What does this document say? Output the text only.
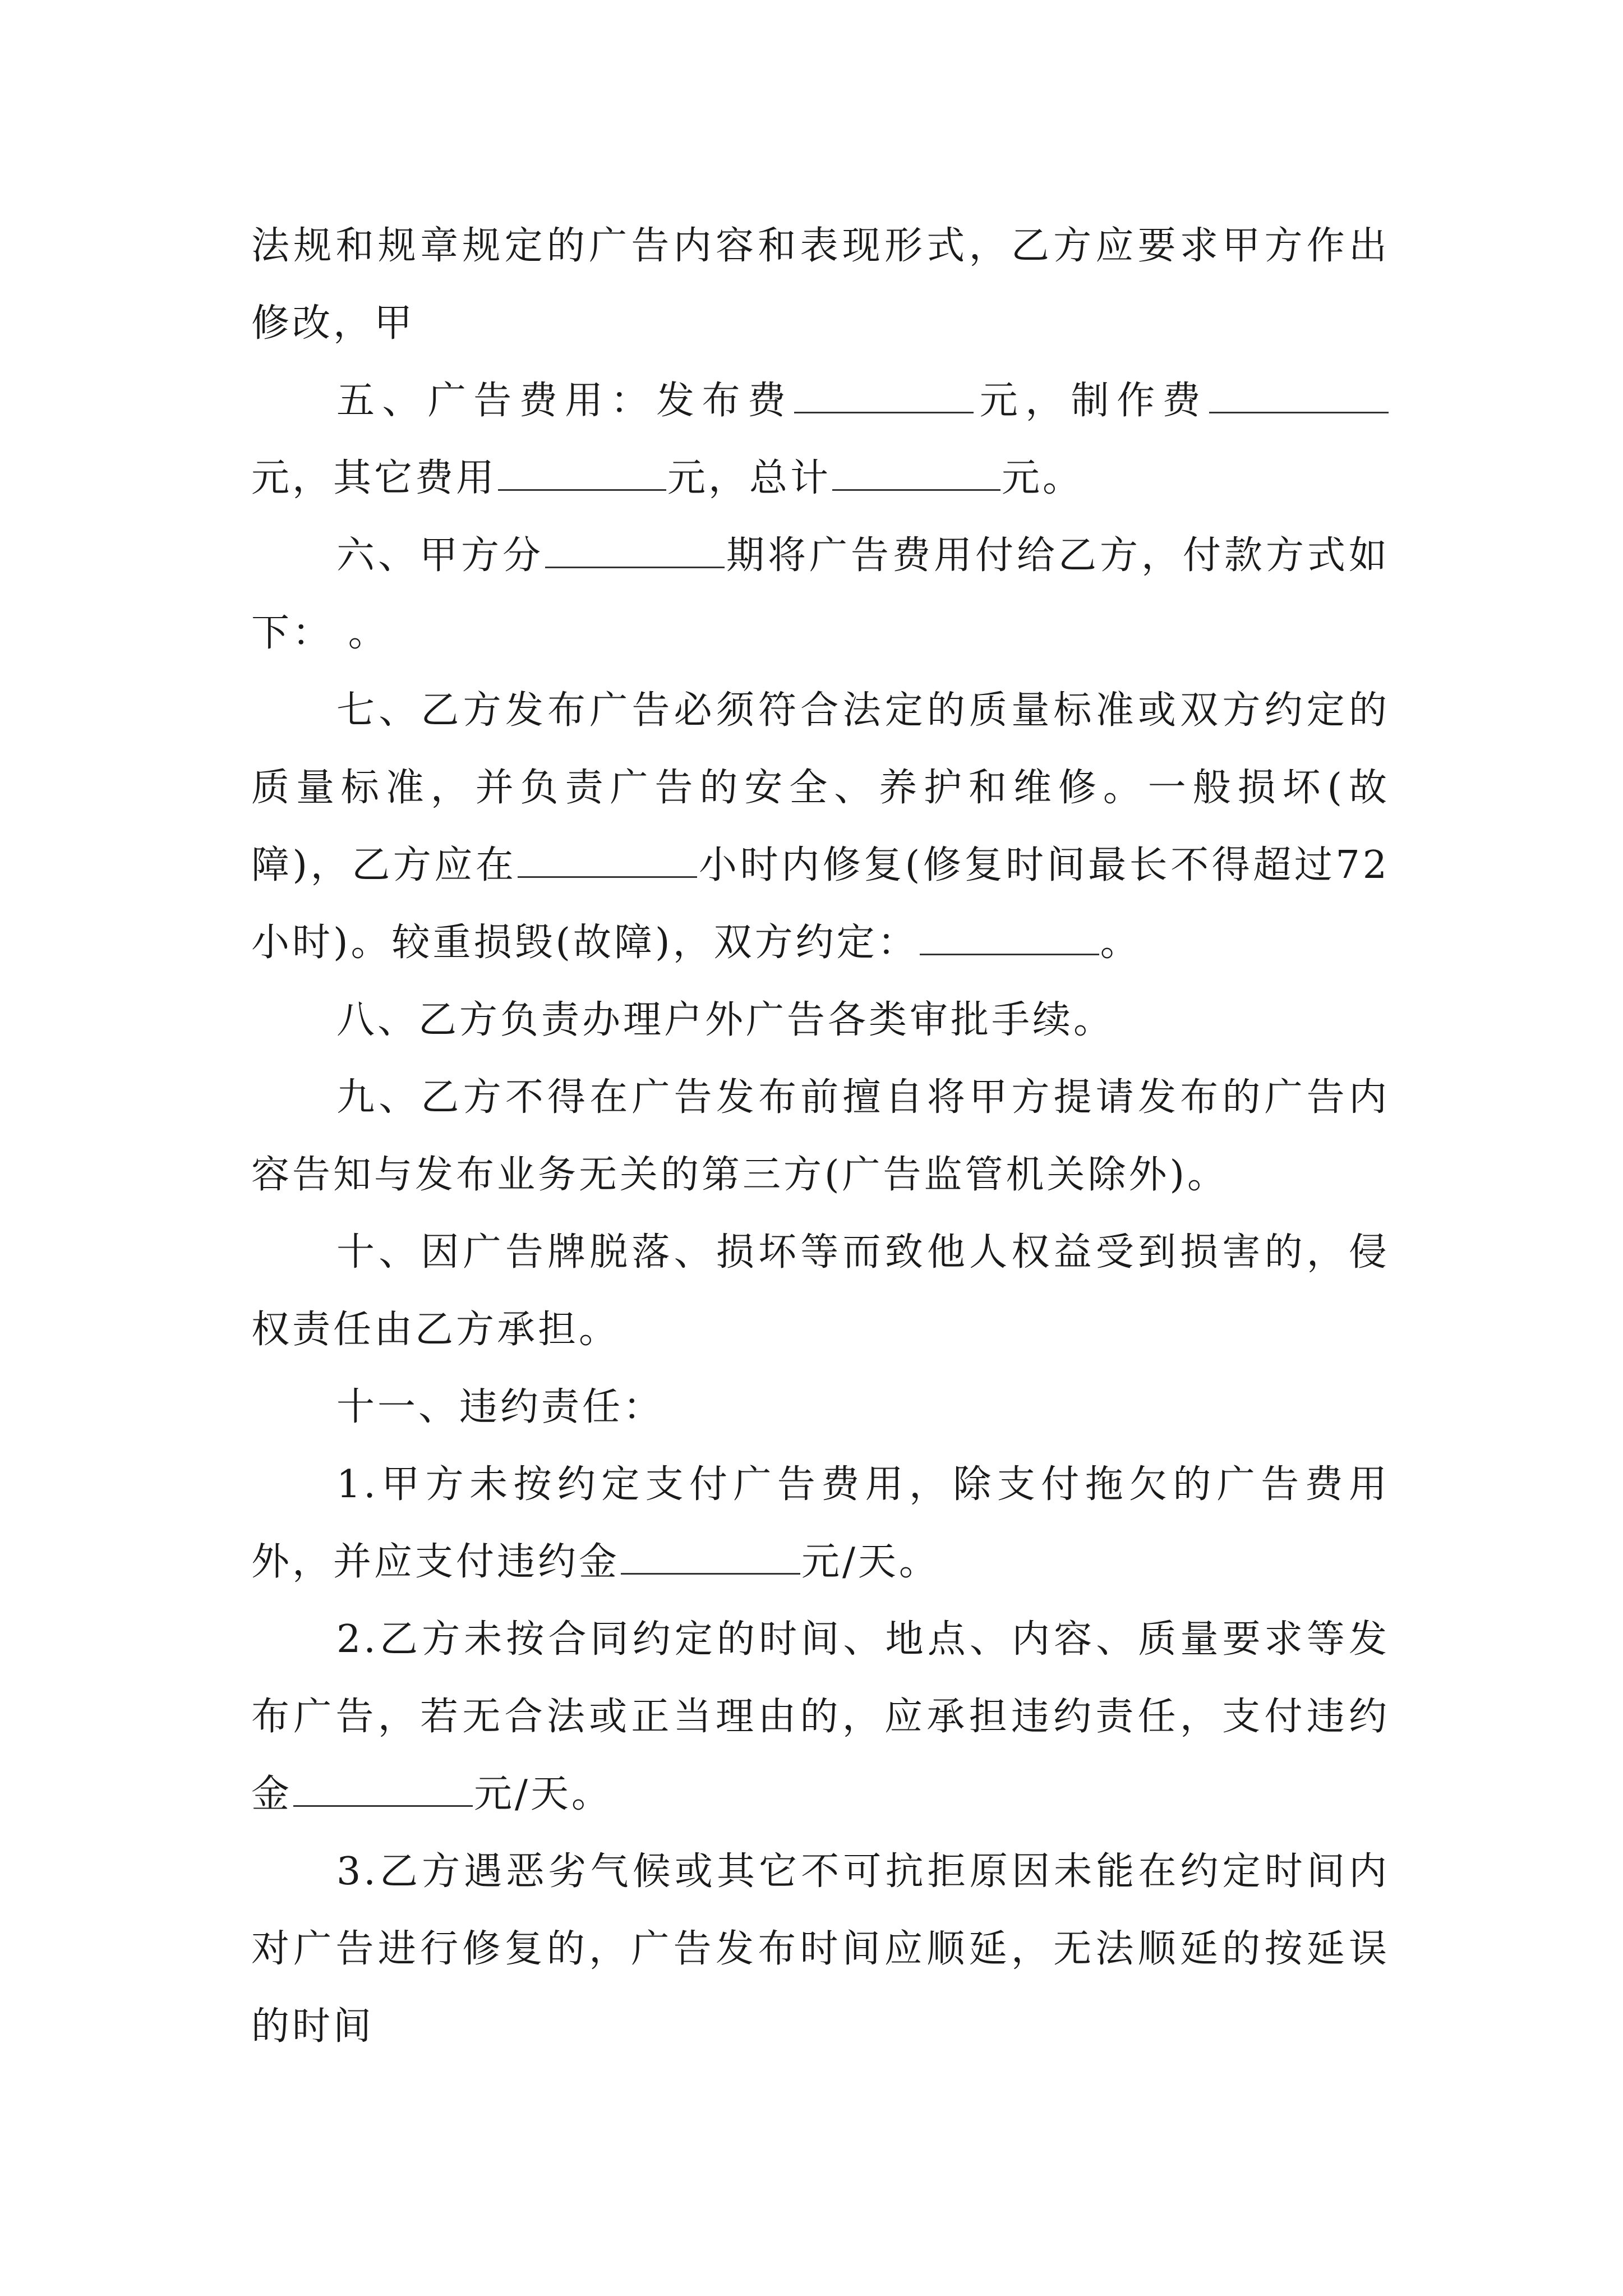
法规和规章规定的广告内容和表现形式，乙方应要求甲方作出修改，甲

五、广告费用：发布费	元，制作费元，其它费用	元，总计	元。

六、甲方分	期将广告费用付给乙方，付款方式如下： 。

七、乙方发布广告必须符合法定的质量标准或双方约定的质量标准，并负责广告的安全、养护和维修。一般损坏(故障)，乙方应在	小时内修复(修复时间最长不得超过72小时)。较重损毁(故障)，双方约定：	。

八、乙方负责办理户外广告各类审批手续。

九、乙方不得在广告发布前擅自将甲方提请发布的广告内容告知与发布业务无关的第三方(广告监管机关除外)。

十、因广告牌脱落、损坏等而致他人权益受到损害的，侵权责任由乙方承担。

十一、违约责任：

1.甲方未按约定支付广告费用，除支付拖欠的广告费用外，并应支付违约金	元/天。

2.乙方未按合同约定的时间、地点、内容、质量要求等发布广告，若无合法或正当理由的，应承担违约责任，支付违约金	元/天。

3.乙方遇恶劣气候或其它不可抗拒原因未能在约定时间内对广告进行修复的，广告发布时间应顺延，无法顺延的按延误的时间
